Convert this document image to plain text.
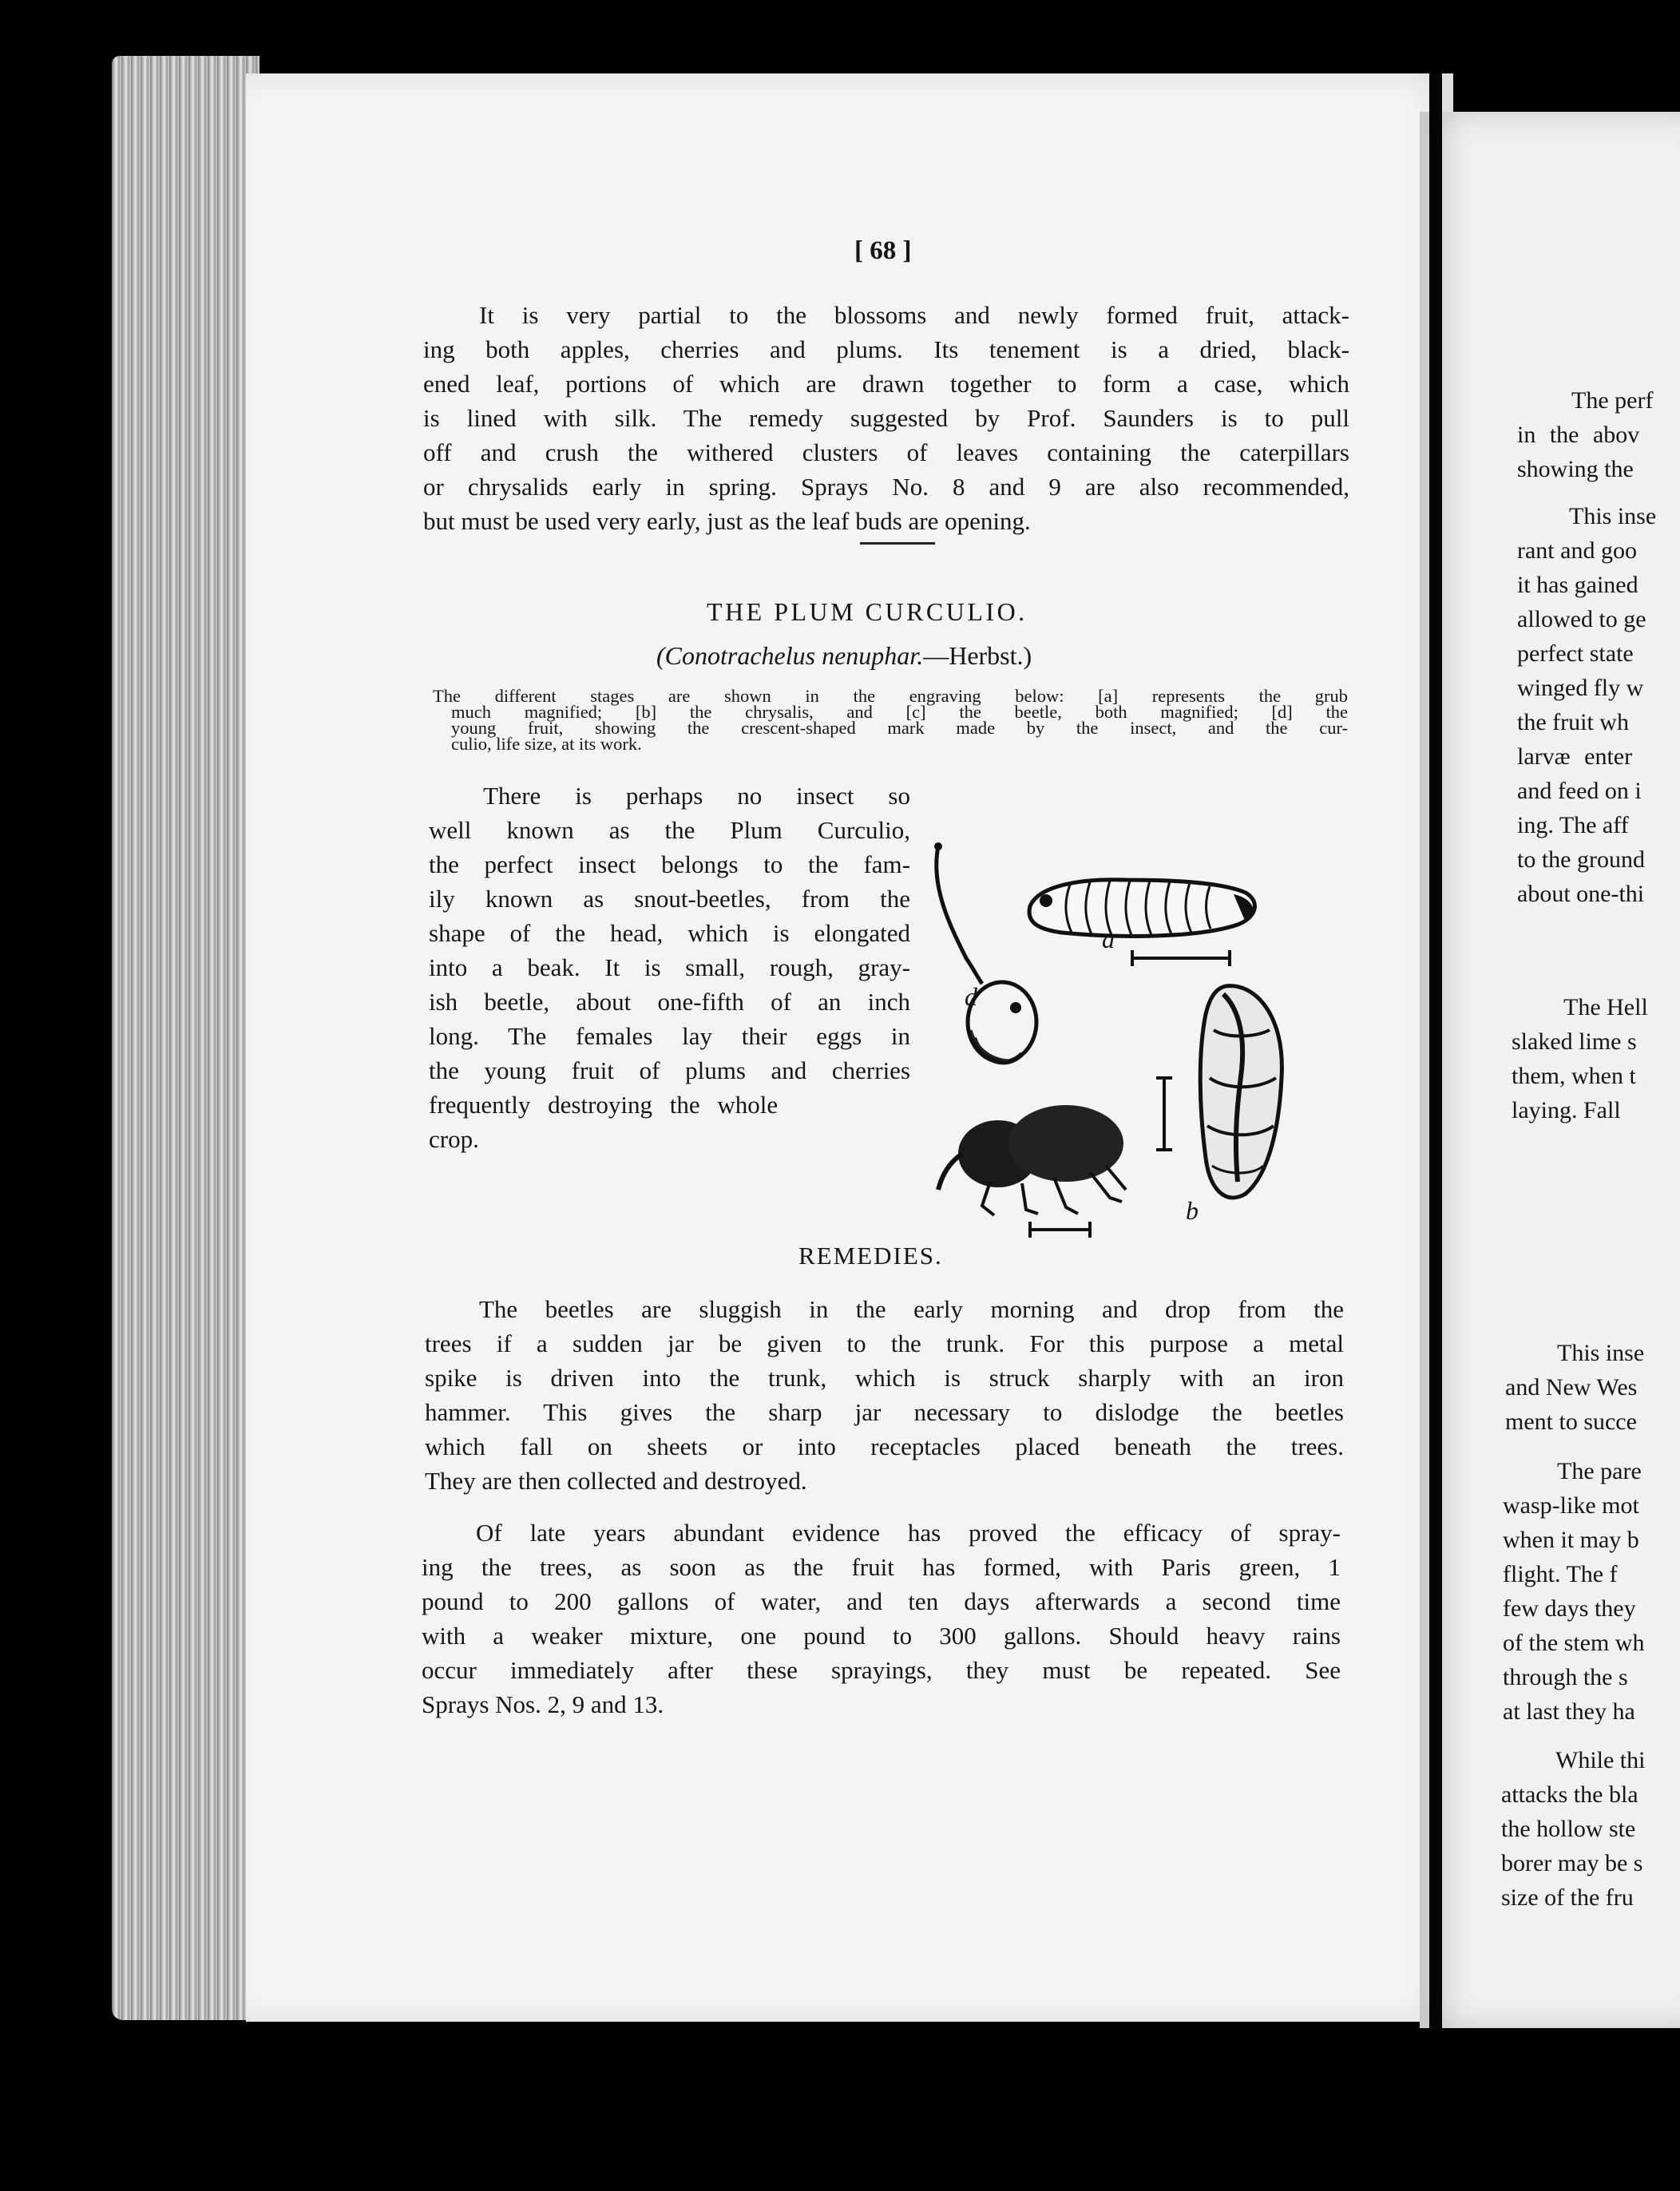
[ 68 ]
It is very partial to the blossoms and newly formed fruit, attack-
ing both apples, cherries and plums. Its tenement is a dried, black-
ened leaf, portions of which are drawn together to form a case, which
is lined with silk. The remedy suggested by Prof. Saunders is to pull
off and crush the withered clusters of leaves containing the caterpillars
or chrysalids early in spring. Sprays No. 8 and 9 are also recommended,
but must be used very early, just as the leaf buds are opening.
THE PLUM CURCULIO.
(Conotrachelus nenuphar.—Herbst.)
The different stages are shown in the engraving below: [a] represents the grub
much magnified; [b] the chrysalis, and [c] the beetle, both magnified; [d] the
young fruit, showing the crescent-shaped mark made by the insect, and the cur-
culio, life size, at its work.
There is perhaps no insect so
well known as the Plum Curculio,
the perfect insect belongs to the fam-
ily known as snout-beetles, from the
shape of the head, which is elongated
into a beak. It is small, rough, gray-
ish beetle, about one-fifth of an inch
long. The females lay their eggs in
the young fruit of plums and cherries
frequently destroying the whole
crop.
a
b
d
REMEDIES.
The beetles are sluggish in the early morning and drop from the
trees if a sudden jar be given to the trunk. For this purpose a metal
spike is driven into the trunk, which is struck sharply with an iron
hammer. This gives the sharp jar necessary to dislodge the beetles
which fall on sheets or into receptacles placed beneath the trees.
They are then collected and destroyed.
Of late years abundant evidence has proved the efficacy of spray-
ing the trees, as soon as the fruit has formed, with Paris green, 1
pound to 200 gallons of water, and ten days afterwards a second time
with a weaker mixture, one pound to 300 gallons. Should heavy rains
occur immediately after these sprayings, they must be repeated. See
Sprays Nos. 2, 9 and 13.
The perf
in the abov
showing the
This inse
rant and goo
it has gained
allowed to ge
perfect state
winged fly w
the fruit wh
larvæ enter
and feed on i
ing. The aff
to the ground
about one-thi
The Hell
slaked lime s
them, when t
laying. Fall
This inse
and New Wes
ment to succe
The pare
wasp-like mot
when it may b
flight. The f
few days they
of the stem wh
through the s
at last they ha
While thi
attacks the bla
the hollow ste
borer may be s
size of the fru
